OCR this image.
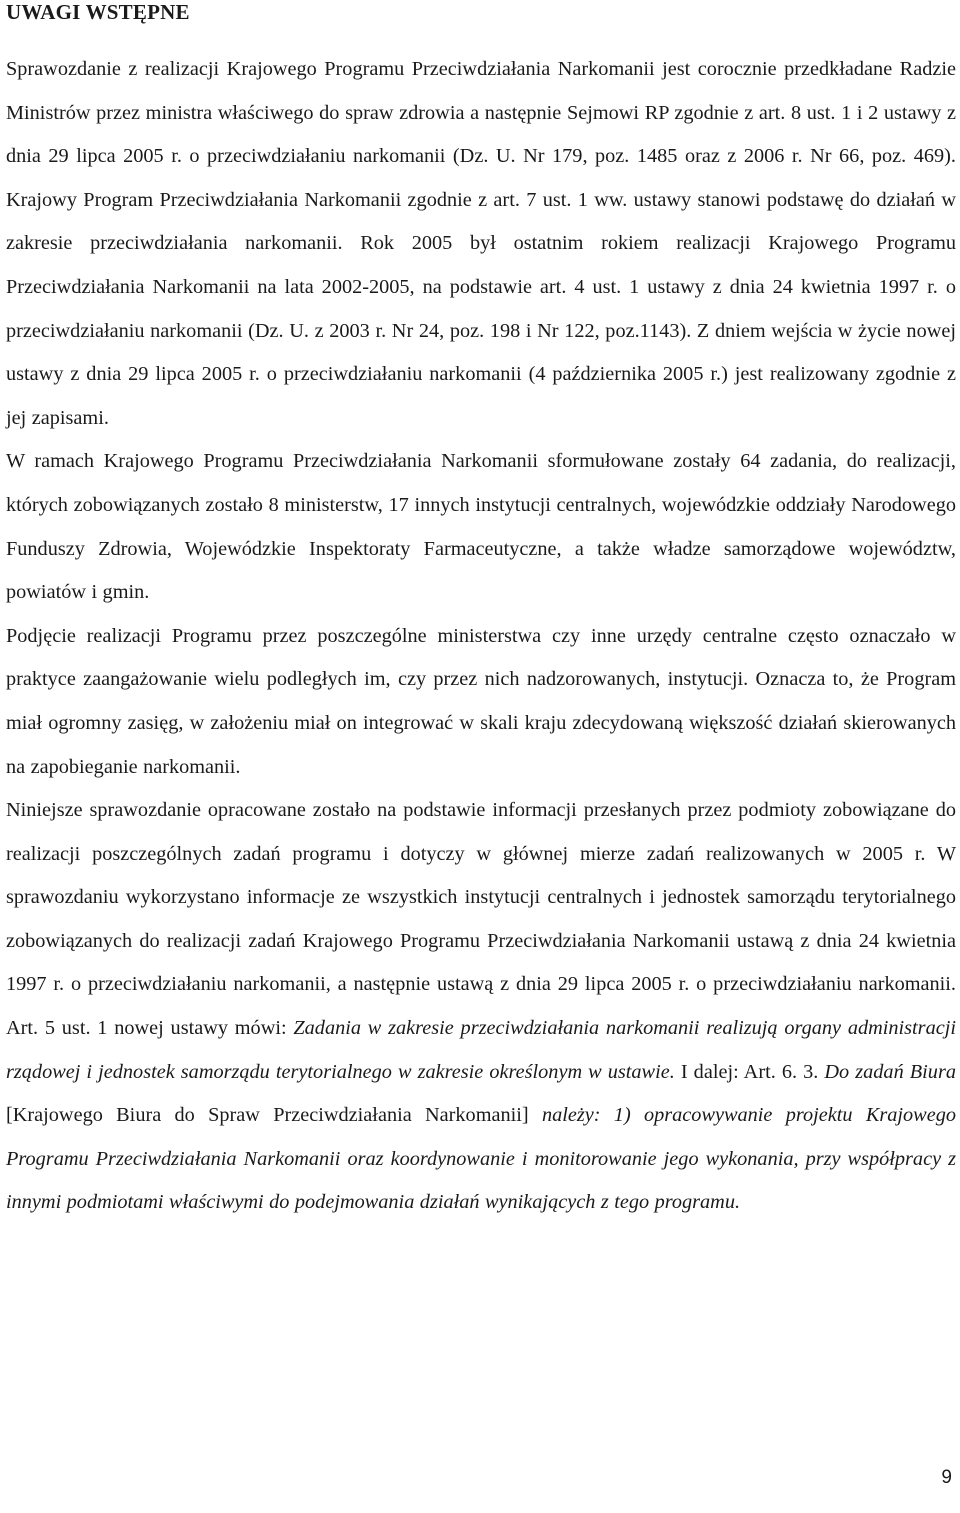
UWAGI WSTĘPNE

Sprawozdanie z realizacji Krajowego Programu Przeciwdziałania Narkomanii jest corocznie przedkładane Radzie Ministrów przez ministra właściwego do spraw zdrowia a następnie Sejmowi RP zgodnie z art. 8 ust. 1 i 2 ustawy z dnia 29 lipca 2005 r. o przeciwdziałaniu narkomanii (Dz. U. Nr 179, poz. 1485 oraz z 2006 r. Nr 66, poz. 469). Krajowy Program Przeciwdziałania Narkomanii zgodnie z art. 7 ust. 1 ww. ustawy stanowi podstawę do działań w zakresie przeciwdziałania narkomanii. Rok 2005 był ostatnim rokiem realizacji Krajowego Programu Przeciwdziałania Narkomanii na lata 2002-2005, na podstawie art. 4 ust. 1 ustawy z dnia 24 kwietnia 1997 r. o przeciwdziałaniu narkomanii (Dz. U. z 2003 r. Nr 24, poz. 198 i Nr 122, poz.1143). Z dniem wejścia w życie nowej ustawy z dnia 29 lipca 2005 r. o przeciwdziałaniu narkomanii (4 października 2005 r.) jest realizowany zgodnie z jej zapisami.

W ramach Krajowego Programu Przeciwdziałania Narkomanii sformułowane zostały 64 zadania, do realizacji, których zobowiązanych zostało 8 ministerstw, 17 innych instytucji centralnych, wojewódzkie oddziały Narodowego Funduszy Zdrowia, Wojewódzkie Inspektoraty Farmaceutyczne, a także władze samorządowe województw, powiatów i gmin.

Podjęcie realizacji Programu przez poszczególne ministerstwa czy inne urzędy centralne często oznaczało w praktyce zaangażowanie wielu podległych im, czy przez nich nadzorowanych, instytucji. Oznacza to, że Program miał ogromny zasięg, w założeniu miał on integrować w skali kraju zdecydowaną większość działań skierowanych na zapobieganie narkomanii.

Niniejsze sprawozdanie opracowane zostało na podstawie informacji przesłanych przez podmioty zobowiązane do realizacji poszczególnych zadań programu i dotyczy w głównej mierze zadań realizowanych w 2005 r. W sprawozdaniu wykorzystano informacje ze wszystkich instytucji centralnych i jednostek samorządu terytorialnego zobowiązanych do realizacji zadań Krajowego Programu Przeciwdziałania Narkomanii ustawą z dnia 24 kwietnia 1997 r. o przeciwdziałaniu narkomanii, a następnie ustawą z dnia 29 lipca 2005 r. o przeciwdziałaniu narkomanii. Art. 5 ust. 1 nowej ustawy mówi: Zadania w zakresie przeciwdziałania narkomanii realizują organy administracji rządowej i jednostek samorządu terytorialnego w zakresie określonym w ustawie. I dalej: Art. 6. 3. Do zadań Biura [Krajowego Biura do Spraw Przeciwdziałania Narkomanii] należy: 1) opracowywanie projektu Krajowego Programu Przeciwdziałania Narkomanii oraz koordynowanie i monitorowanie jego wykonania, przy współpracy z innymi podmiotami właściwymi do podejmowania działań wynikających z tego programu.

9
